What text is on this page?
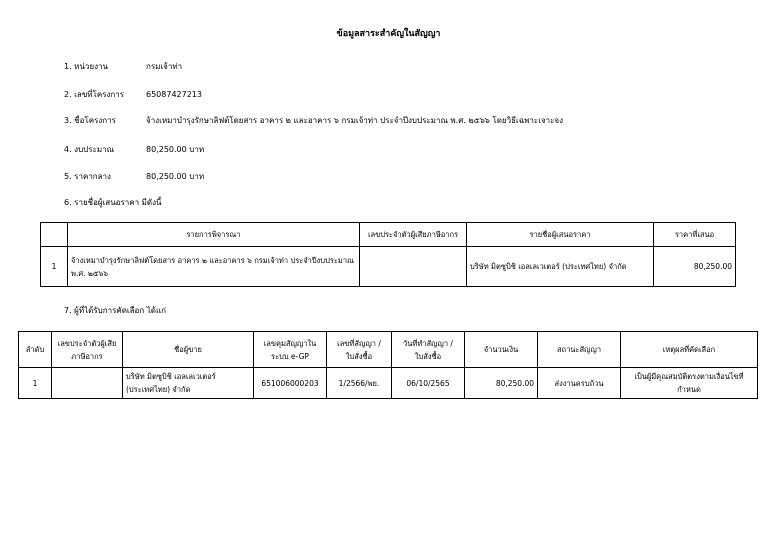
ข้อมูลสาระสำคัญในสัญญา
1. หน่วยงาน	กรมเจ้าท่า
2. เลขที่โครงการ	65087427213
3. ชื่อโครงการ	จ้างเหมาบำรุงรักษาลิฟต์โดยสาร อาคาร ๒ และอาคาร ๖ กรมเจ้าท่า ประจำปีงบประมาณ พ.ศ. ๒๕๖๖ โดยวิธีเฉพาะเจาะจง
4. งบประมาณ	80,250.00 บาท
5. ราคากลาง	80,250.00 บาท
6. รายชื่อผู้เสนอราคา มีดังนี้
	รายการพิจารณา	เลขประจำตัวผู้เสียภาษีอากร	รายชื่อผู้เสนอราคา	ราคาที่เสนอ
1	จ้างเหมาบำรุงรักษาลิฟต์โดยสาร อาคาร ๒ และอาคาร ๖ กรมเจ้าท่า ประจำปีงบประมาณ พ.ศ. ๒๕๖๖		บริษัท มิตซูบิชิ เอลเลเวเตอร์ (ประเทศไทย) จำกัด	80,250.00
7. ผู้ที่ได้รับการคัดเลือก ได้แก่
ลำดับ	เลขประจำตัวผู้เสียภาษีอากร	ชื่อผู้ขาย	เลขคุมสัญญาในระบบ e-GP	เลขที่สัญญา / ใบสั่งซื้อ	วันที่ทำสัญญา / ใบสั่งซื้อ	จำนวนเงิน	สถานะสัญญา	เหตุผลที่คัดเลือก
1		บริษัท มิตซูบิชิ เอลเลเวเตอร์ (ประเทศไทย) จำกัด	651006000203	1/2566/พย.	06/10/2565	80,250.00	ส่งงานครบถ้วน	เป็นผู้มีคุณสมบัติตรงตามเงื่อนไขที่กำหนด
